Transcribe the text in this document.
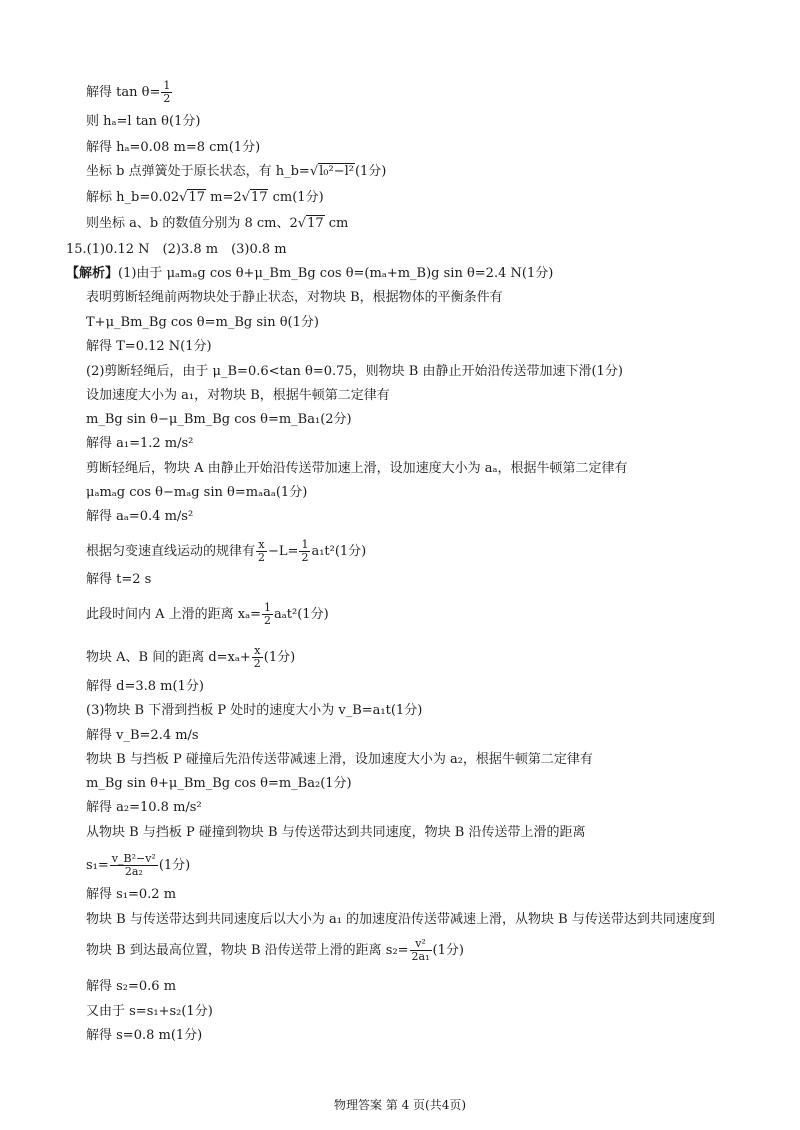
解得 $\tan \theta= \frac{1}{2}$
则 hₐ=l tan θ(1分)
解得 hₐ=0.08 m=8 cm(1分)
坐标 b 点弹簧处于原长状态，有 h_b=√l₀²−l²(1分)
解标 h_b=0.02√17 m=2√17 cm(1分)
则坐标 a、b 的数值分别为 8 cm、2√17 cm
15.(1)0.12 N　(2)3.8 m　(3)0.8 m
【解析】(1)由于 μₐmₐg cos θ+μ_Bm_Bg cos θ=(mₐ+m_B)g sin θ=2.4 N(1分)
表明剪断轻绳前两物块处于静止状态，对物块 B，根据物体的平衡条件有
T+μ_Bm_Bg cos θ=m_Bg sin θ(1分)
解得 T=0.12 N(1分)
(2)剪断轻绳后，由于 μ_B=0.6<tan θ=0.75，则物块 B 由静止开始沿传送带加速下滑(1分)
设加速度大小为 a₁，对物块 B，根据牛顿第二定律有
m_Bg sin θ−μ_Bm_Bg cos θ=m_Ba₁(2分)
解得 a₁=1.2 m/s²
剪断轻绳后，物块 A 由静止开始沿传送带加速上滑，设加速度大小为 aₐ，根据牛顿第二定律有
μₐmₐg cos θ−mₐg sin θ=mₐaₐ(1分)
解得 aₐ=0.4 m/s²
根据匀变速直线运动的规律有 $\frac{x}{2} -L= \frac{1}{2} a_1t^2(1$分)
解得 t=2 s
此段时间内 A 上滑的距离 $x_a= \frac{1}{2} a_at^2(1$分)
物块 A、B 间的距离 $d=x_a+ \frac{x}{2} (1$分)
解得 d=3.8 m(1分)
(3)物块 B 下滑到挡板 P 处时的速度大小为 v_B=a₁t(1分)
解得 v_B=2.4 m/s
物块 B 与挡板 P 碰撞后先沿传送带减速上滑，设加速度大小为 a₂，根据牛顿第二定律有
m_Bg sin θ+μ_Bm_Bg cos θ=m_Ba₂(1分)
解得 a₂=10.8 m/s²
从物块 B 与挡板 P 碰撞到物块 B 与传送带达到共同速度，物块 B 沿传送带上滑的距离
$s_1= \frac{\text{v\_B²−v²}}{\text{2a₂}} (1$分)
解得 s₁=0.2 m
物块 B 与传送带达到共同速度后以大小为 a₁ 的加速度沿传送带减速上滑，从物块 B 与传送带达到共同速度到
物块 B 到达最高位置，物块 B 沿传送带上滑的距离 $s_2= \frac{\text{v²}}{\text{2a₁}} (1$分)
解得 s₂=0.6 m
又由于 s=s₁+s₂(1分)
解得 s=0.8 m(1分)
物理答案 第 4 页(共4页)
